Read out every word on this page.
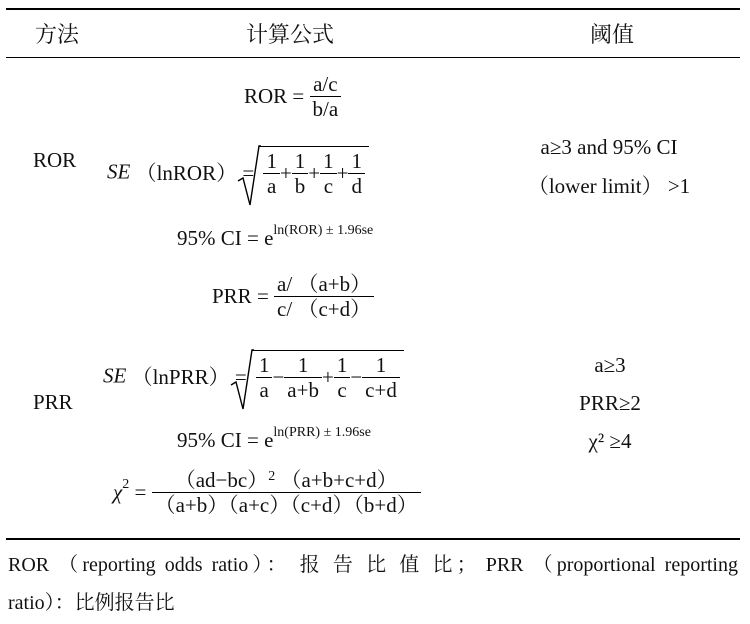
方法	计算公式	阈值
ROR
ROR = $\frac{a/c}{b/a}$
SE （lnROR） = $\frac{1}{a} + \frac{1}{b} + \frac{1}{c} + \frac{1}{d}$
95% CI = $e^{ln(ROR) \pm 1.96se}$
a≥3 and 95% CI
（lower limit） >1
PRR
PRR = $\frac{a/ (a+b)}{c/ (c+d)}$
SE （lnPRR） = $\frac{1}{a} - \frac{1}{a+b} + \frac{1}{c} - \frac{1}{c+d}$
95% CI = $e^{ln(PRR) \pm 1.96se}$
$\chi^2 = \frac{(ad-bc)^2 (a+b+c+d)}{(a+b)(a+c)(c+d)(b+d)}$
a≥3
PRR≥2
χ² ≥4
ROR （reporting odds ratio）： 报 告 比 值 比； PRR （proportional reporting
ratio）：比例报告比
